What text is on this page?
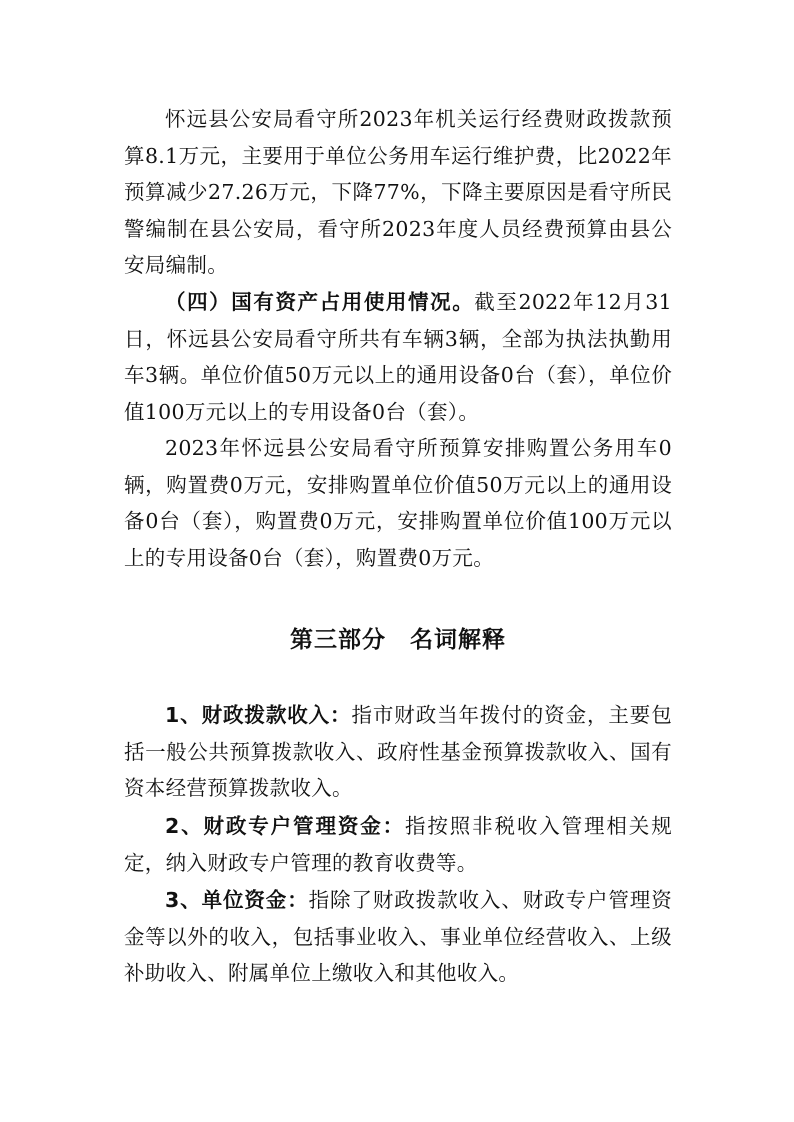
怀远县公安局看守所2023年机关运行经费财政拨款预算8.1万元，主要用于单位公务用车运行维护费，比2022年预算减少27.26万元，下降77%，下降主要原因是看守所民警编制在县公安局，看守所2023年度人员经费预算由县公安局编制。

（四）国有资产占用使用情况。截至2022年12月31日，怀远县公安局看守所共有车辆3辆，全部为执法执勤用车3辆。单位价值50万元以上的通用设备0台（套），单位价值100万元以上的专用设备0台（套）。

2023年怀远县公安局看守所预算安排购置公务用车0辆，购置费0万元，安排购置单位价值50万元以上的通用设备0台（套），购置费0万元，安排购置单位价值100万元以上的专用设备0台（套），购置费0万元。

第三部分　名词解释

1、财政拨款收入：指市财政当年拨付的资金，主要包括一般公共预算拨款收入、政府性基金预算拨款收入、国有资本经营预算拨款收入。

2、财政专户管理资金：指按照非税收入管理相关规定，纳入财政专户管理的教育收费等。

3、单位资金：指除了财政拨款收入、财政专户管理资金等以外的收入，包括事业收入、事业单位经营收入、上级补助收入、附属单位上缴收入和其他收入。
